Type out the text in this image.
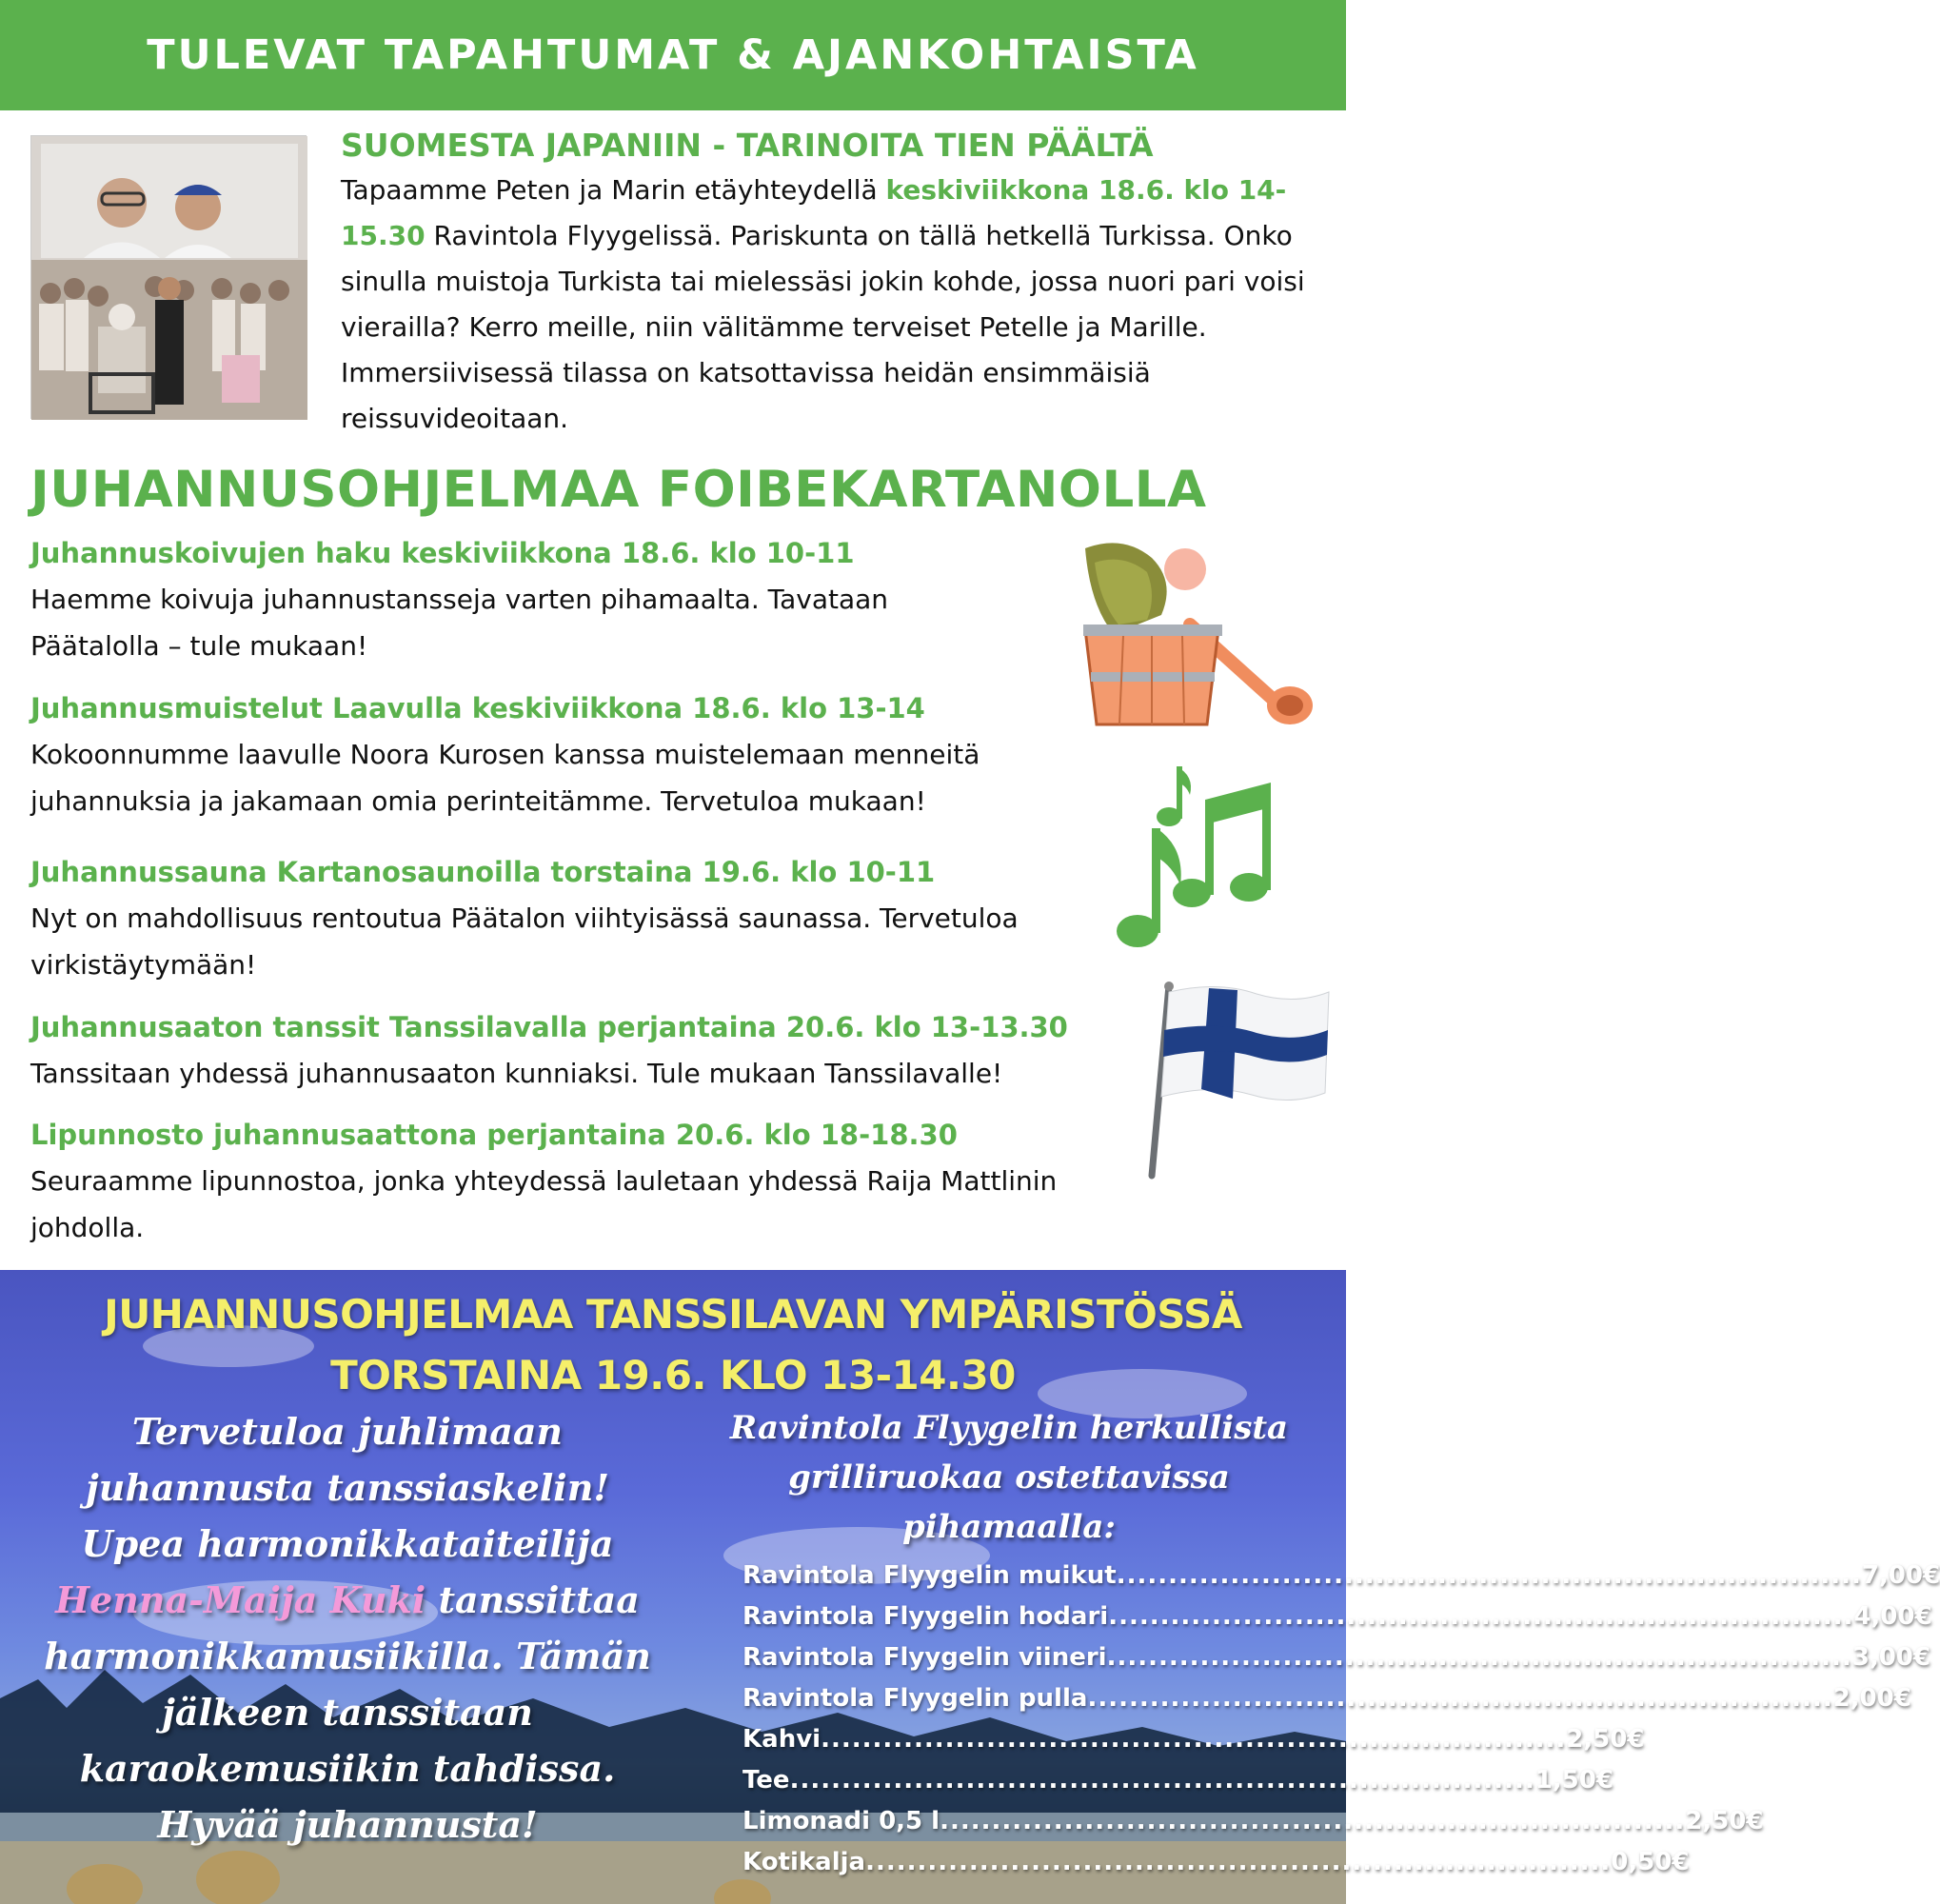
TULEVAT TAPAHTUMAT & AJANKOHTAISTA
SUOMESTA JAPANIIN - TARINOITA TIEN PÄÄLTÄ

Tapaamme Peten ja Marin etäyhteydellä keskiviikkona 18.6. klo 14-15.30 Ravintola Flyygelissä. Pariskunta on tällä hetkellä Turkissa. Onko sinulla muistoja Turkista tai mielessäsi jokin kohde, jossa nuori pari voisi vierailla? Kerro meille, niin välitämme terveiset Petelle ja Marille. Immersiivisessä tilassa on katsottavissa heidän ensimmäisiä reissuvideoitaan.

JUHANNUSOHJELMAA FOIBEKARTANOLLA
Juhannuskoivujen haku keskiviikkona 18.6. klo 10-11

Haemme koivuja juhannustansseja varten pihamaalta. Tavataan Päätalolla – tule mukaan!

Juhannusmuistelut Laavulla keskiviikkona 18.6. klo 13-14

Kokoonnumme laavulle Noora Kurosen kanssa muistelemaan menneitä juhannuksia ja jakamaan omia perinteitämme. Tervetuloa mukaan!

Juhannussauna Kartanosaunoilla torstaina 19.6. klo 10-11

Nyt on mahdollisuus rentoutua Päätalon viihtyisässä saunassa. Tervetuloa virkistäytymään!

Juhannusaaton tanssit Tanssilavalla perjantaina 20.6. klo 13-13.30

Tanssitaan yhdessä juhannusaaton kunniaksi. Tule mukaan Tanssilavalle!

Lipunnosto juhannusaattona perjantaina 20.6. klo 18-18.30

Seuraamme lipunnostoa, jonka yhteydessä lauletaan yhdessä Raija Mattlinin johdolla.

JUHANNUSOHJELMAA TANSSILAVAN YMPÄRISTÖSSÄ
TORSTAINA 19.6. KLO 13-14.30
Tervetuloa juhlimaan juhannusta tanssiaskelin! Upea harmonikkataiteilija Henna-Maija Kuki tanssittaa harmonikkamusiikilla. Tämän jälkeen tanssitaan karaokemusiikin tahdissa. Hyvää juhannusta!
Ravintola Flyygelin herkullista grilliruokaa ostettavissa pihamaalla:
Ravintola Flyygelin muikut ........................................................................ 7,00€
Ravintola Flyygelin hodari ........................................................................ 4,00€
Ravintola Flyygelin viineri ........................................................................ 3,00€
Ravintola Flyygelin pulla ........................................................................ 2,00€
Kahvi ........................................................................ 2,50€
Tee ........................................................................ 1,50€
Limonadi 0,5 l ........................................................................ 2,50€
Kotikalja ........................................................................ 0,50€
